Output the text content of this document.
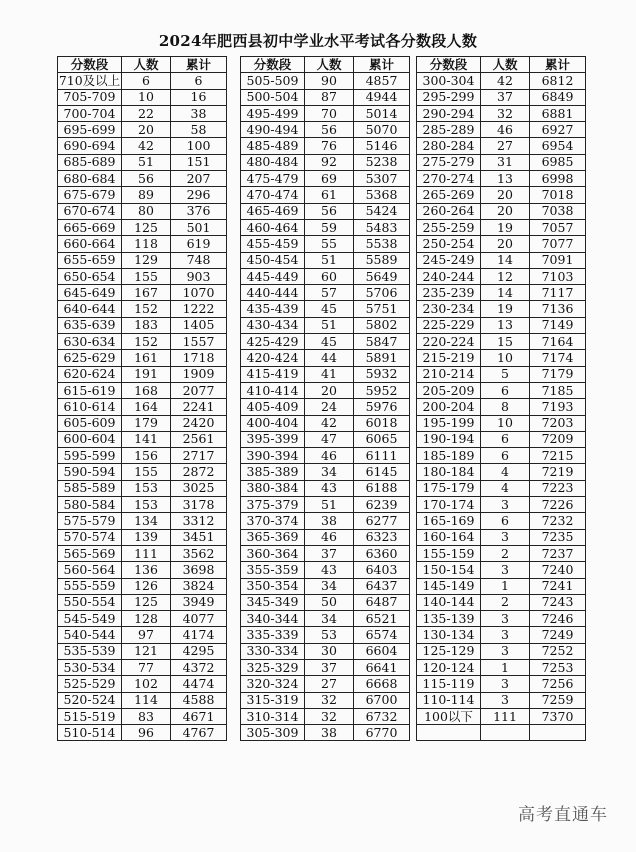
2024年肥西县初中学业水平考试各分数段人数
分数段	人数	累计
710及以上	6	6
705-709	10	16
700-704	22	38
695-699	20	58
690-694	42	100
685-689	51	151
680-684	56	207
675-679	89	296
670-674	80	376
665-669	125	501
660-664	118	619
655-659	129	748
650-654	155	903
645-649	167	1070
640-644	152	1222
635-639	183	1405
630-634	152	1557
625-629	161	1718
620-624	191	1909
615-619	168	2077
610-614	164	2241
605-609	179	2420
600-604	141	2561
595-599	156	2717
590-594	155	2872
585-589	153	3025
580-584	153	3178
575-579	134	3312
570-574	139	3451
565-569	111	3562
560-564	136	3698
555-559	126	3824
550-554	125	3949
545-549	128	4077
540-544	97	4174
535-539	121	4295
530-534	77	4372
525-529	102	4474
520-524	114	4588
515-519	83	4671
510-514	96	4767
分数段	人数	累计
505-509	90	4857
500-504	87	4944
495-499	70	5014
490-494	56	5070
485-489	76	5146
480-484	92	5238
475-479	69	5307
470-474	61	5368
465-469	56	5424
460-464	59	5483
455-459	55	5538
450-454	51	5589
445-449	60	5649
440-444	57	5706
435-439	45	5751
430-434	51	5802
425-429	45	5847
420-424	44	5891
415-419	41	5932
410-414	20	5952
405-409	24	5976
400-404	42	6018
395-399	47	6065
390-394	46	6111
385-389	34	6145
380-384	43	6188
375-379	51	6239
370-374	38	6277
365-369	46	6323
360-364	37	6360
355-359	43	6403
350-354	34	6437
345-349	50	6487
340-344	34	6521
335-339	53	6574
330-334	30	6604
325-329	37	6641
320-324	27	6668
315-319	32	6700
310-314	32	6732
305-309	38	6770
分数段	人数	累计
300-304	42	6812
295-299	37	6849
290-294	32	6881
285-289	46	6927
280-284	27	6954
275-279	31	6985
270-274	13	6998
265-269	20	7018
260-264	20	7038
255-259	19	7057
250-254	20	7077
245-249	14	7091
240-244	12	7103
235-239	14	7117
230-234	19	7136
225-229	13	7149
220-224	15	7164
215-219	10	7174
210-214	5	7179
205-209	6	7185
200-204	8	7193
195-199	10	7203
190-194	6	7209
185-189	6	7215
180-184	4	7219
175-179	4	7223
170-174	3	7226
165-169	6	7232
160-164	3	7235
155-159	2	7237
150-154	3	7240
145-149	1	7241
140-144	2	7243
135-139	3	7246
130-134	3	7249
125-129	3	7252
120-124	1	7253
115-119	3	7256
110-114	3	7259
100以下	111	7370

高考直通车
